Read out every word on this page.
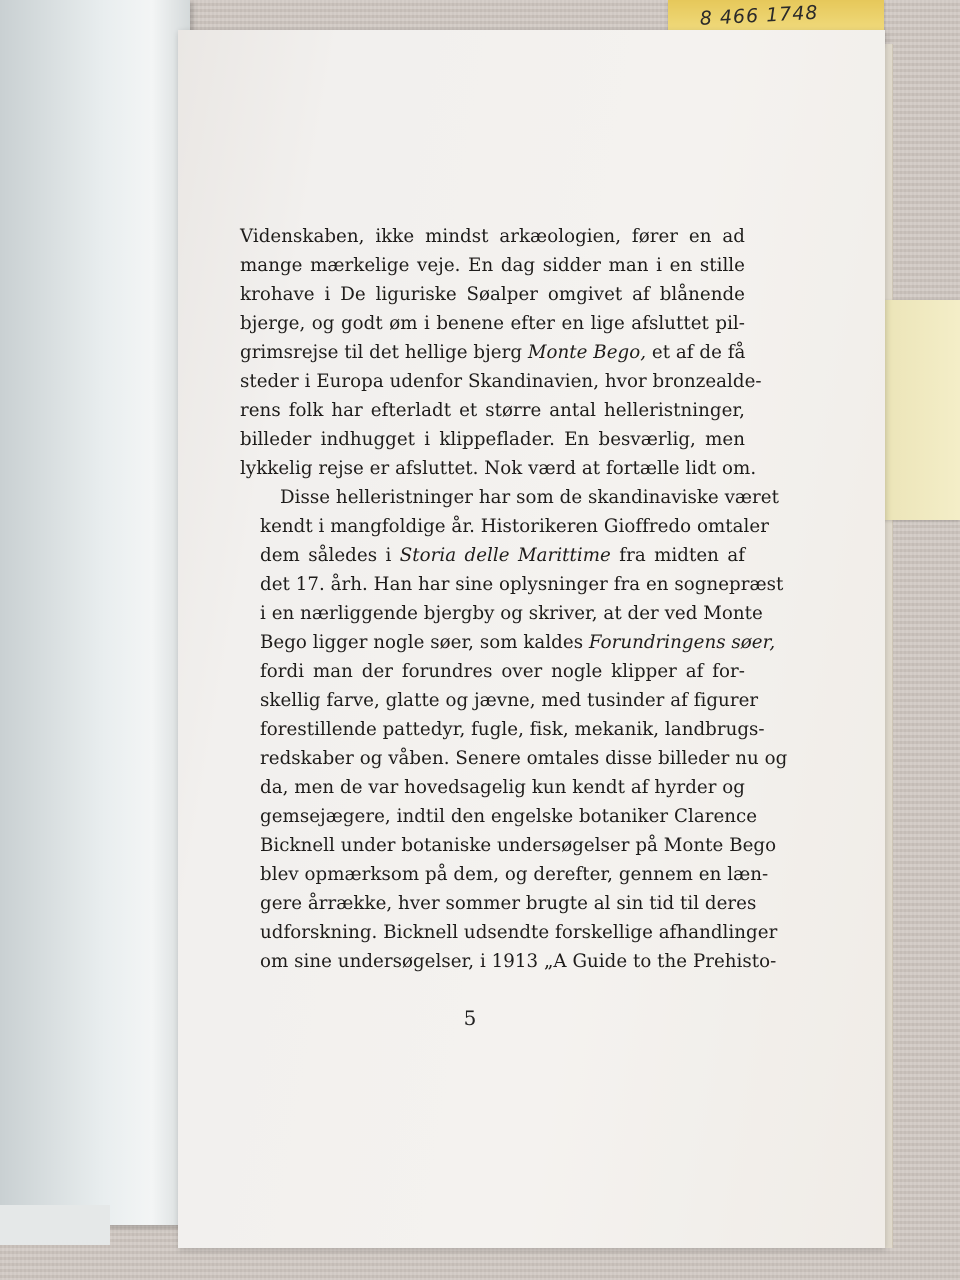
8 466 1748

Videnskaben, ikke mindst arkæologien, fører en ad
mange mærkelige veje. En dag sidder man i en stille
krohave i De liguriske Søalper omgivet af blånende
bjerge, og godt øm i benene efter en lige afsluttet pil-
grimsrejse til det hellige bjerg Monte Bego, et af de få
steder i Europa udenfor Skandinavien, hvor bronzealde-
rens folk har efterladt et større antal helleristninger,
billeder indhugget i klippeflader. En besværlig, men
lykkelig rejse er afsluttet. Nok værd at fortælle lidt om.

Disse helleristninger har som de skandinaviske været
kendt i mangfoldige år. Historikeren Gioffredo omtaler
dem således i Storia delle Marittime fra midten af
det 17. årh. Han har sine oplysninger fra en sognepræst
i en nærliggende bjergby og skriver, at der ved Monte
Bego ligger nogle søer, som kaldes Forundringens søer,
fordi man der forundres over nogle klipper af for-
skellig farve, glatte og jævne, med tusinder af figurer
forestillende pattedyr, fugle, fisk, mekanik, landbrugs-
redskaber og våben. Senere omtales disse billeder nu og
da, men de var hovedsagelig kun kendt af hyrder og
gemsejægere, indtil den engelske botaniker Clarence
Bicknell under botaniske undersøgelser på Monte Bego
blev opmærksom på dem, og derefter, gennem en læn-
gere årrække, hver sommer brugte al sin tid til deres
udforskning. Bicknell udsendte forskellige afhandlinger
om sine undersøgelser, i 1913 „A Guide to the Prehisto-

5
